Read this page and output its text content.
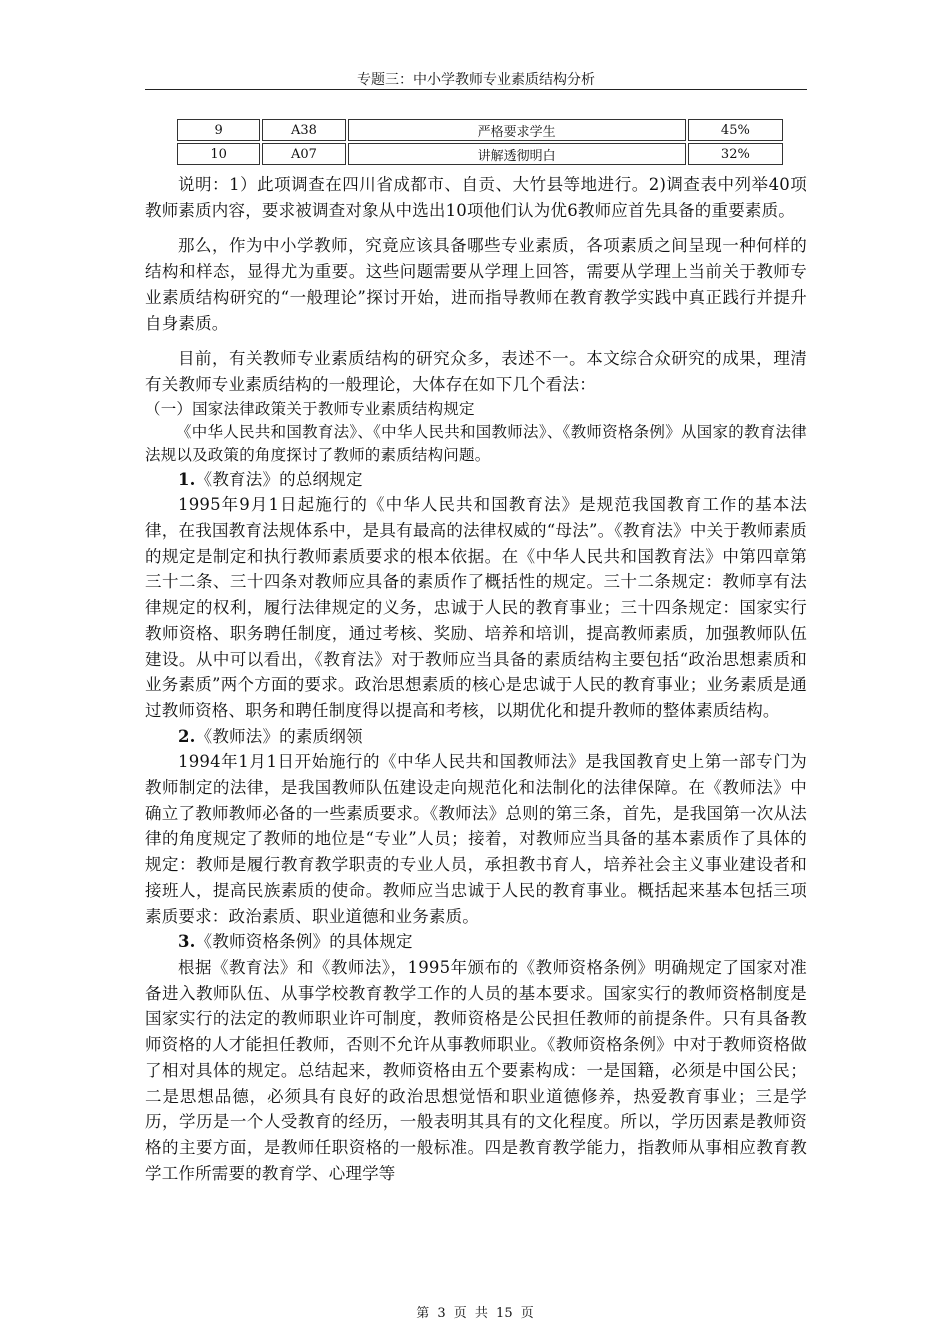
专题三：中小学教师专业素质结构分析
9	A38	严格要求学生	45%
10	A07	讲解透彻明白	32%

说明：1）此项调查在四川省成都市、自贡、大竹县等地进行。2)调查表中列举40项教师素质内容，要求被调查对象从中选出10项他们认为优6教师应首先具备的重要素质。

那么，作为中小学教师，究竟应该具备哪些专业素质，各项素质之间呈现一种何样的结构和样态，显得尤为重要。这些问题需要从学理上回答，需要从学理上当前关于教师专业素质结构研究的“一般理论”探讨开始，进而指导教师在教育教学实践中真正践行并提升自身素质。

目前，有关教师专业素质结构的研究众多，表述不一。本文综合众研究的成果，理清有关教师专业素质结构的一般理论，大体存在如下几个看法：

（一）国家法律政策关于教师专业素质结构规定

《中华人民共和国教育法》、《中华人民共和国教师法》、《教师资格条例》从国家的教育法律法规以及政策的角度探讨了教师的素质结构问题。

1.《教育法》的总纲规定

1995年9月1日起施行的《中华人民共和国教育法》是规范我国教育工作的基本法律，在我国教育法规体系中，是具有最高的法律权威的“母法”。《教育法》中关于教师素质的规定是制定和执行教师素质要求的根本依据。在《中华人民共和国教育法》中第四章第三十二条、三十四条对教师应具备的素质作了概括性的规定。三十二条规定：教师享有法律规定的权利，履行法律规定的义务，忠诚于人民的教育事业；三十四条规定：国家实行教师资格、职务聘任制度，通过考核、奖励、培养和培训，提高教师素质，加强教师队伍建设。从中可以看出，《教育法》对于教师应当具备的素质结构主要包括“政治思想素质和业务素质”两个方面的要求。政治思想素质的核心是忠诚于人民的教育事业；业务素质是通过教师资格、职务和聘任制度得以提高和考核，以期优化和提升教师的整体素质结构。

2.《教师法》的素质纲领

1994年1月1日开始施行的《中华人民共和国教师法》是我国教育史上第一部专门为教师制定的法律，是我国教师队伍建设走向规范化和法制化的法律保障。在《教师法》中确立了教师教师必备的一些素质要求。《教师法》总则的第三条，首先，是我国第一次从法律的角度规定了教师的地位是“专业”人员；接着，对教师应当具备的基本素质作了具体的规定：教师是履行教育教学职责的专业人员，承担教书育人，培养社会主义事业建设者和接班人，提高民族素质的使命。教师应当忠诚于人民的教育事业。概括起来基本包括三项素质要求：政治素质、职业道德和业务素质。

3.《教师资格条例》的具体规定

根据《教育法》和《教师法》，1995年颁布的《教师资格条例》明确规定了国家对准备进入教师队伍、从事学校教育教学工作的人员的基本要求。国家实行的教师资格制度是国家实行的法定的教师职业许可制度，教师资格是公民担任教师的前提条件。只有具备教师资格的人才能担任教师，否则不允许从事教师职业。《教师资格条例》中对于教师资格做了相对具体的规定。总结起来，教师资格由五个要素构成：一是国籍，必须是中国公民；二是思想品德，必须具有良好的政治思想觉悟和职业道德修养，热爱教育事业；三是学历，学历是一个人受教育的经历，一般表明其具有的文化程度。所以，学历因素是教师资格的主要方面，是教师任职资格的一般标准。四是教育教学能力，指教师从事相应教育教学工作所需要的教育学、心理学等

第 3 页 共 15 页
